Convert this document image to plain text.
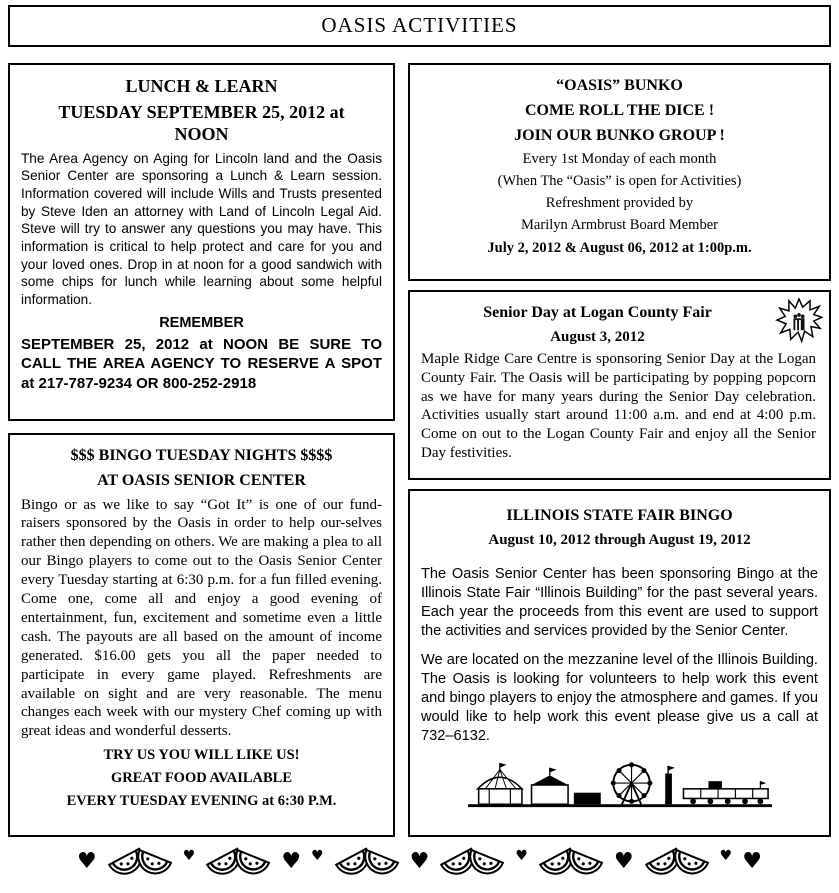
OASIS ACTIVITIES
LUNCH & LEARN
TUESDAY SEPTEMBER 25, 2012 at NOON
The Area Agency on Aging for Lincoln land and the Oasis Senior Center are sponsoring a Lunch & Learn session. Information covered will include Wills and Trusts presented by Steve Iden an attorney with Land of Lincoln Legal Aid. Steve will try to answer any questions you may have. This information is critical to help protect and care for you and your loved ones. Drop in at noon for a good sandwich with some chips for lunch while learning about some helpful information.
REMEMBER
SEPTEMBER 25, 2012 at NOON BE SURE TO CALL THE AREA AGENCY TO RESERVE A SPOT at 217-787-9234 OR 800-252-2918
$$$ BINGO TUESDAY NIGHTS $$$$
AT OASIS SENIOR CENTER
Bingo or as we like to say “Got It” is one of our fund-raisers sponsored by the Oasis in order to help our-selves rather then depending on others. We are making a plea to all our Bingo players to come out to the Oasis Senior Center every Tuesday starting at 6:30 p.m. for a fun filled evening. Come one, come all and enjoy a good evening of entertainment, fun, excitement and sometime even a little cash. The payouts are all based on the amount of income generated. $16.00 gets you all the paper needed to participate in every game played. Refreshments are available on sight and are very reasonable. The menu changes each week with our mystery Chef coming up with great ideas and wonderful desserts.
TRY US YOU WILL LIKE US!
GREAT FOOD AVAILABLE
EVERY TUESDAY EVENING at 6:30 P.M.
“OASIS” BUNKO
COME ROLL THE DICE !
JOIN OUR BUNKO GROUP !
Every 1st Monday of each month
(When The “Oasis” is open for Activities)
Refreshment provided by
Marilyn Armbrust Board Member
July 2, 2012 & August 06, 2012 at 1:00p.m.
Senior Day at Logan County Fair
August 3, 2012
Maple Ridge Care Centre is sponsoring Senior Day at the Logan County Fair. The Oasis will be participating by popping popcorn as we have for many years during the Senior Day celebration. Activities usually start around 11:00 a.m. and end at 4:00 p.m. Come on out to the Logan County Fair and enjoy all the Senior Day festivities.
ILLINOIS STATE FAIR BINGO
August 10, 2012 through August 19, 2012
The Oasis Senior Center has been sponsoring Bingo at the Illinois State Fair “Illinois Building” for the past several years. Each year the proceeds from this event are used to support the activities and services provided by the Senior Center.
We are located on the mezzanine level of the Illinois Building. The Oasis is looking for volunteers to help work this event and bingo players to enjoy the atmosphere and games. If you would like to help work this event please give us a call at 732–6132.
♥	♥	♥ ♥	♥	♥	♥	♥ ♥
